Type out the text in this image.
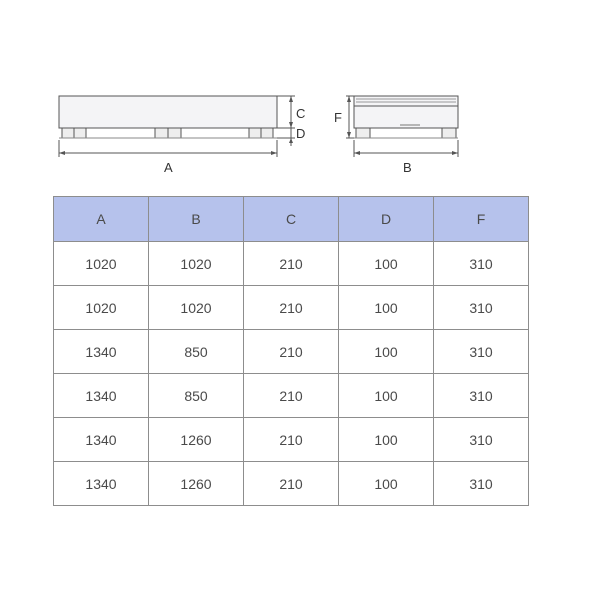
A
C
D
F
B
A	B	C	D	F
1020	1020	210	100	310
1020	1020	210	100	310
1340	850	210	100	310
1340	850	210	100	310
1340	1260	210	100	310
1340	1260	210	100	310
